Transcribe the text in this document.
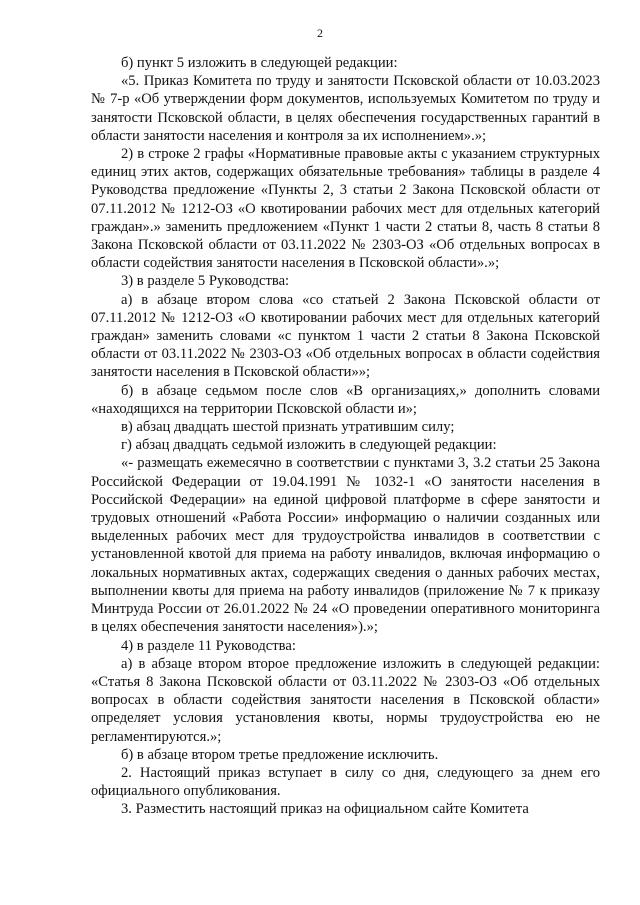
2

б) пункт 5 изложить в следующей редакции:

«5. Приказ Комитета по труду и занятости Псковской области от 10.03.2023 № 7-р «Об утверждении форм документов, используемых Комитетом по труду и занятости Псковской области, в целях обеспечения государственных гарантий в области занятости населения и контроля за их исполнением».»;

2) в строке 2 графы «Нормативные правовые акты с указанием структурных единиц этих актов, содержащих обязательные требования» таблицы в разделе 4 Руководства предложение «Пункты 2, 3 статьи 2 Закона Псковской области от 07.11.2012 № 1212-ОЗ «О квотировании рабочих мест для отдельных категорий граждан».» заменить предложением «Пункт 1 части 2 статьи 8, часть 8 статьи 8 Закона Псковской области от 03.11.2022 № 2303-ОЗ «Об отдельных вопросах в области содействия занятости населения в Псковской области».»;

3) в разделе 5 Руководства:

а) в абзаце втором слова «со статьей 2 Закона Псковской области от 07.11.2012 № 1212-ОЗ «О квотировании рабочих мест для отдельных категорий граждан» заменить словами «с пунктом 1 части 2 статьи 8 Закона Псковской области от 03.11.2022 № 2303-ОЗ «Об отдельных вопросах в области содействия занятости населения в Псковской области»»;

б) в абзаце седьмом после слов «В организациях,» дополнить словами «находящихся на территории Псковской области и»;

в) абзац двадцать шестой признать утратившим силу;

г) абзац двадцать седьмой изложить в следующей редакции:

«- размещать ежемесячно в соответствии с пунктами 3, 3.2 статьи 25 Закона Российской Федерации от 19.04.1991 № 1032-1 «О занятости населения в Российской Федерации» на единой цифровой платформе в сфере занятости и трудовых отношений «Работа России» информацию о наличии созданных или выделенных рабочих мест для трудоустройства инвалидов в соответствии с установленной квотой для приема на работу инвалидов, включая информацию о локальных нормативных актах, содержащих сведения о данных рабочих местах, выполнении квоты для приема на работу инвалидов (приложение № 7 к приказу Минтруда России от 26.01.2022 № 24 «О проведении оперативного мониторинга в целях обеспечения занятости населения»).»;

4) в разделе 11 Руководства:

а) в абзаце втором второе предложение изложить в следующей редакции: «Статья 8 Закона Псковской области от 03.11.2022 № 2303-ОЗ «Об отдельных вопросах в области содействия занятости населения в Псковской области» определяет условия установления квоты, нормы трудоустройства ею не регламентируются.»;

б) в абзаце втором третье предложение исключить.

2. Настоящий приказ вступает в силу со дня, следующего за днем его официального опубликования.

3. Разместить настоящий приказ на официальном сайте Комитета
